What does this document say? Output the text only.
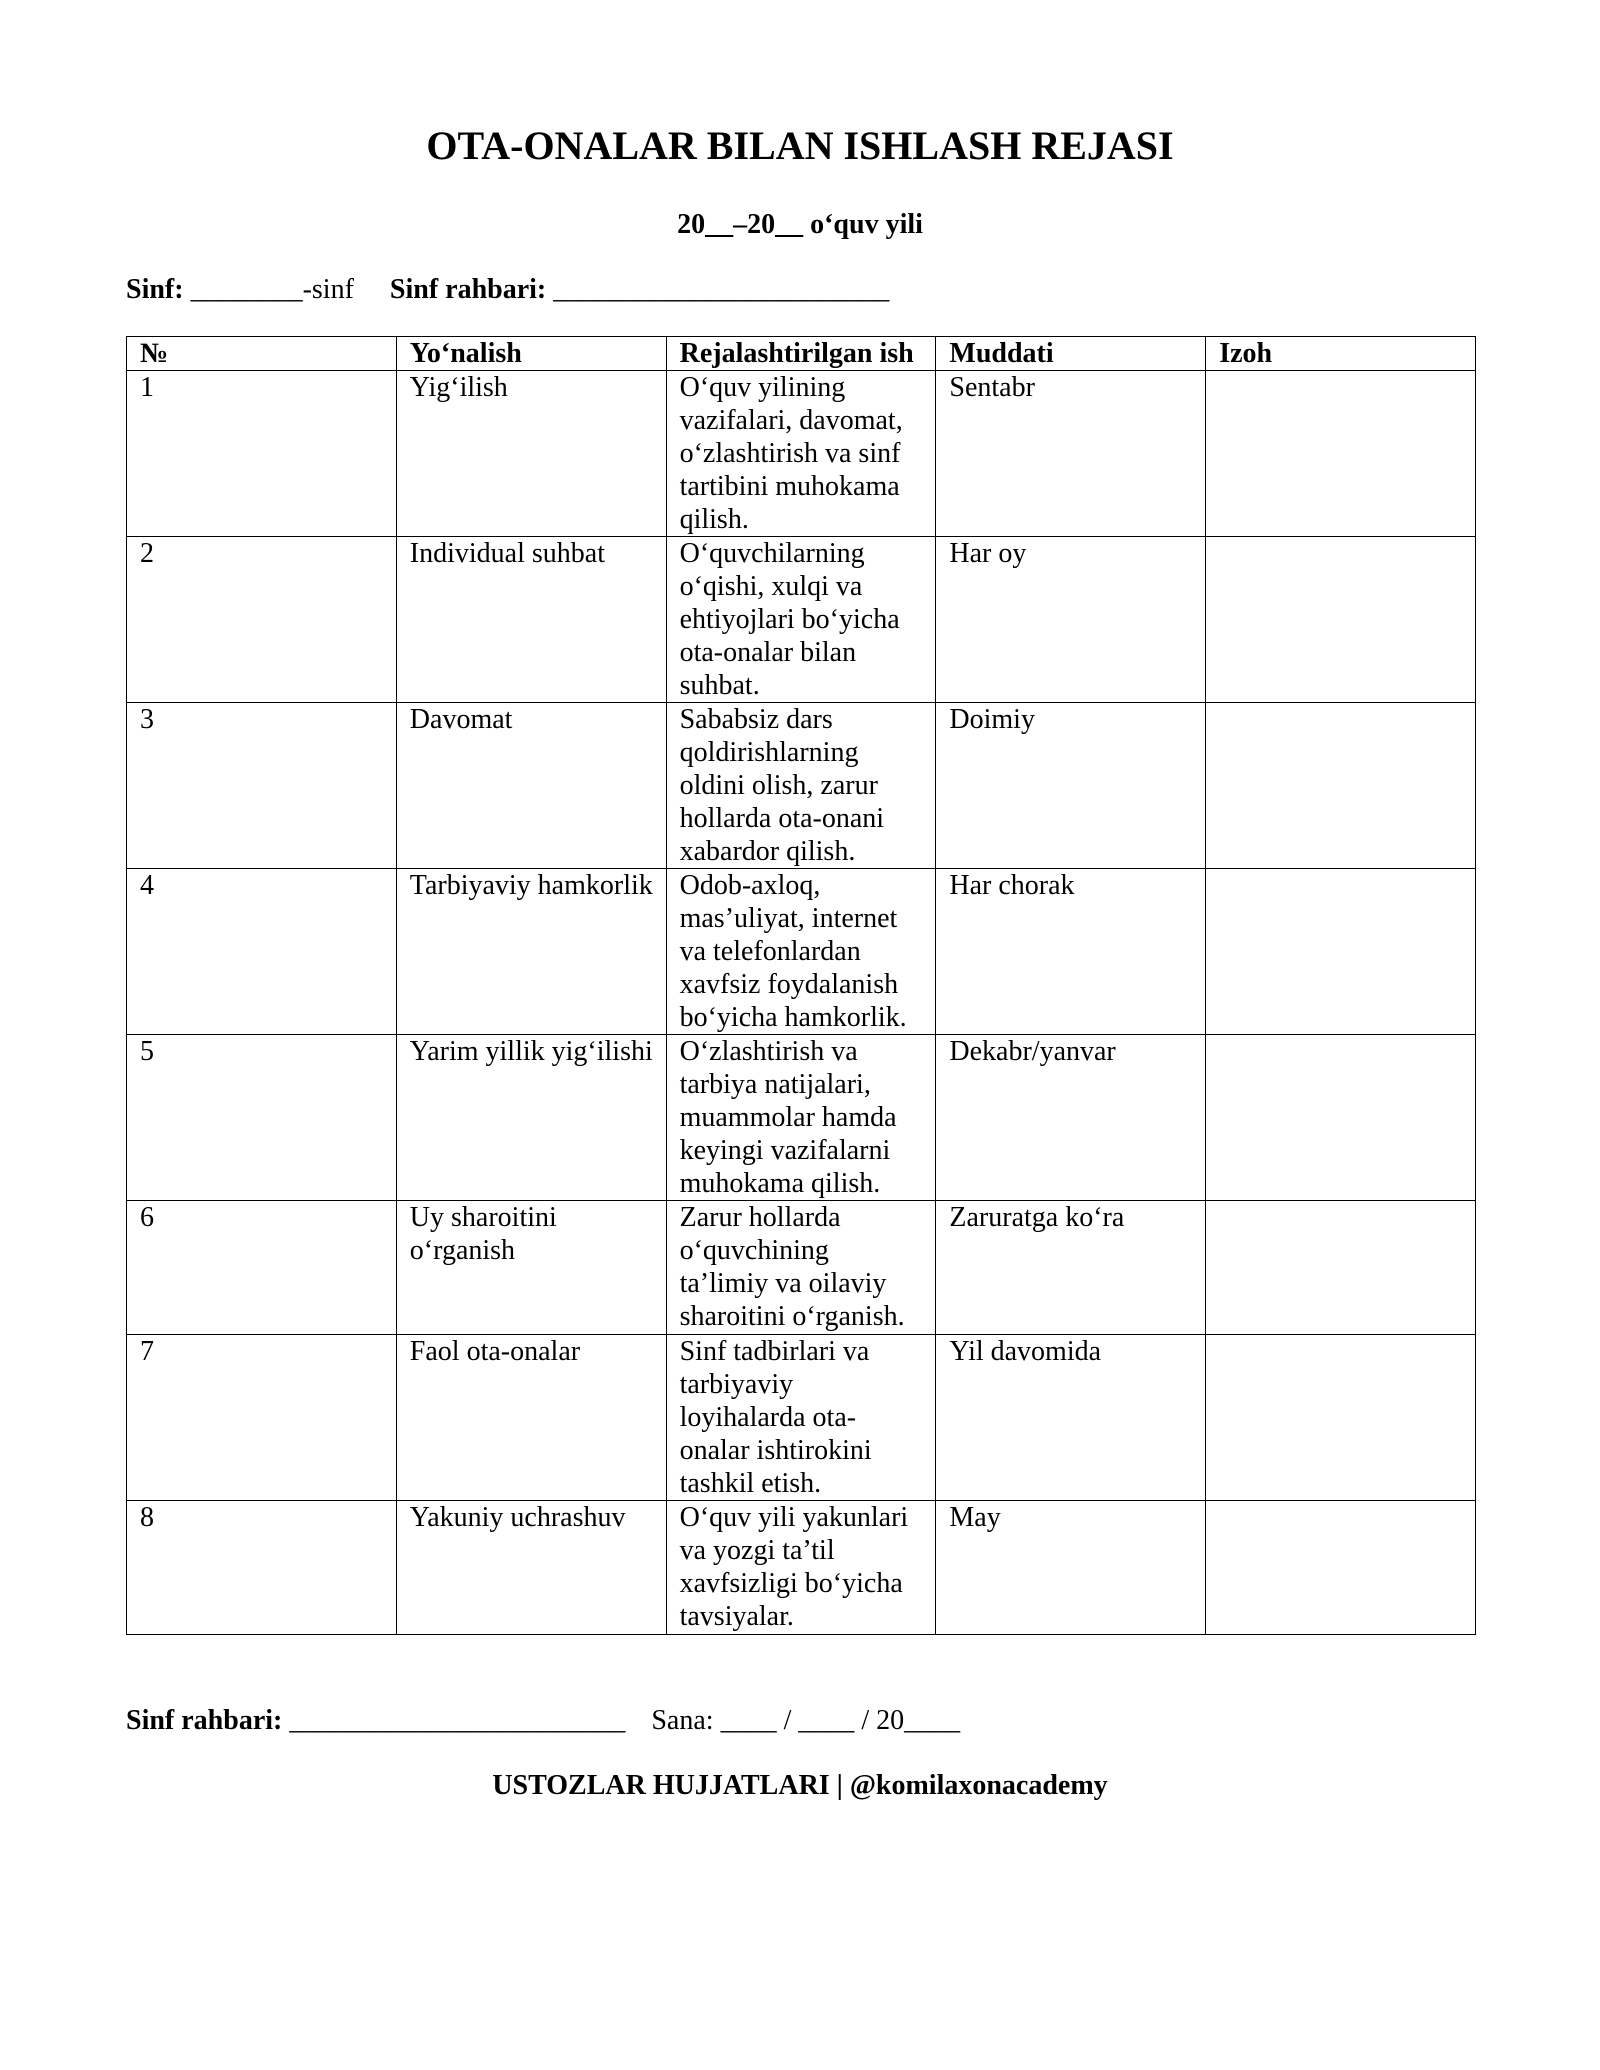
OTA-ONALAR BILAN ISHLASH REJASI
20__–20__ o‘quv yili
Sinf: ________-sinf Sinf rahbari: ________________________
№	Yo‘nalish	Rejalashtirilgan ish	Muddati	Izoh
1	Yig‘ilish	O‘quv yilining vazifalari, davomat, o‘zlashtirish va sinf tartibini muhokama qilish.	Sentabr	
2	Individual suhbat	O‘quvchilarning o‘qishi, xulqi va ehtiyojlari bo‘yicha ota-onalar bilan suhbat.	Har oy	
3	Davomat	Sababsiz dars qoldirishlarning oldini olish, zarur hollarda ota-onani xabardor qilish.	Doimiy	
4	Tarbiyaviy hamkorlik	Odob-axloq, mas’uliyat, internet va telefonlardan xavfsiz foydalanish bo‘yicha hamkorlik.	Har chorak	
5	Yarim yillik yig‘ilishi	O‘zlashtirish va tarbiya natijalari, muammolar hamda keyingi vazifalarni muhokama qilish.	Dekabr/yanvar	
6	Uy sharoitini o‘rganish	Zarur hollarda o‘quvchining ta’limiy va oilaviy sharoitini o‘rganish.	Zaruratga ko‘ra	
7	Faol ota-onalar	Sinf tadbirlari va tarbiyaviy loyihalarda ota-onalar ishtirokini tashkil etish.	Yil davomida	
8	Yakuniy uchrashuv	O‘quv yili yakunlari va yozgi ta’til xavfsizligi bo‘yicha tavsiyalar.	May	
Sinf rahbari: ________________________ Sana: ____ / ____ / 20____
USTOZLAR HUJJATLARI | @komilaxonacademy
